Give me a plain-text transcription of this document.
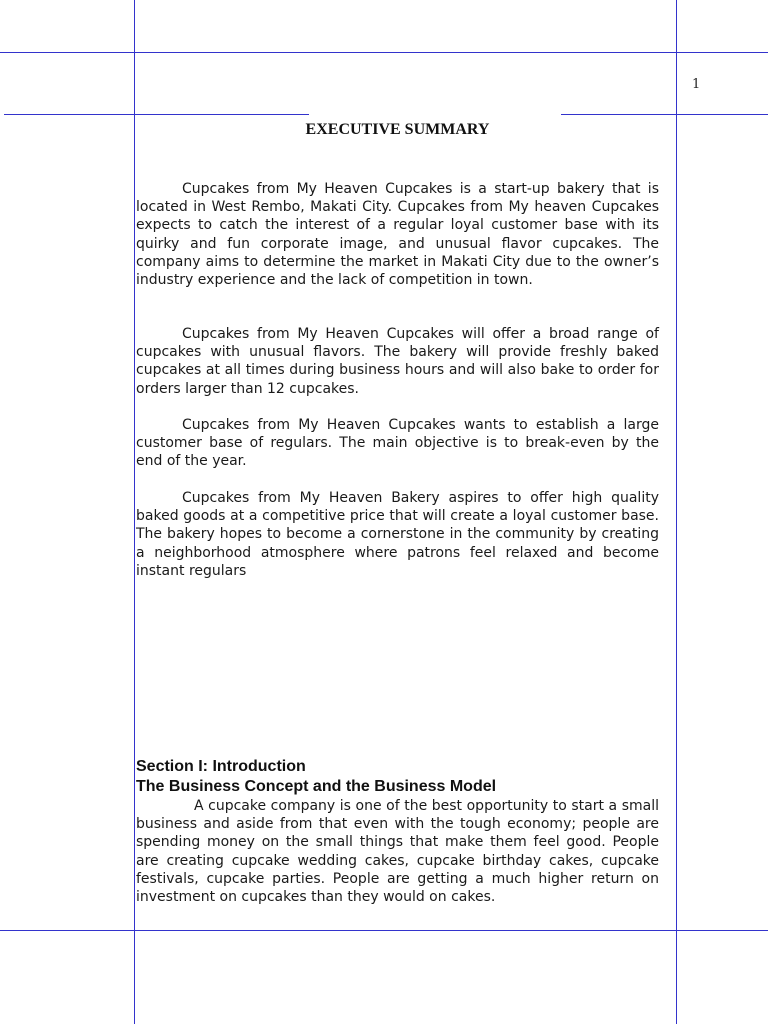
1
EXECUTIVE SUMMARY
Cupcakes from My Heaven Cupcakes is a start-up bakery that is located in West Rembo, Makati City. Cupcakes from My heaven Cupcakes expects to catch the interest of a regular loyal customer base with its quirky and fun corporate image, and unusual flavor cupcakes. The company aims to determine the market in Makati City due to the owner’s industry experience and the lack of competition in town.
Cupcakes from My Heaven Cupcakes will offer a broad range of cupcakes with unusual flavors. The bakery will provide freshly baked cupcakes at all times during business hours and will also bake to order for orders larger than 12 cupcakes.
Cupcakes from My Heaven Cupcakes wants to establish a large customer base of regulars. The main objective is to break-even by the end of the year.
Cupcakes from My Heaven Bakery aspires to offer high quality baked goods at a competitive price that will create a loyal customer base. The bakery hopes to become a cornerstone in the community by creating a neighborhood atmosphere where patrons feel relaxed and become instant regulars
Section I: Introduction
The Business Concept and the Business Model
A cupcake company is one of the best opportunity to start a small business and aside from that even with the tough economy; people are spending money on the small things that make them feel good. People are creating cupcake wedding cakes, cupcake birthday cakes, cupcake festivals, cupcake parties. People are getting a much higher return on investment on cupcakes than they would on cakes.
